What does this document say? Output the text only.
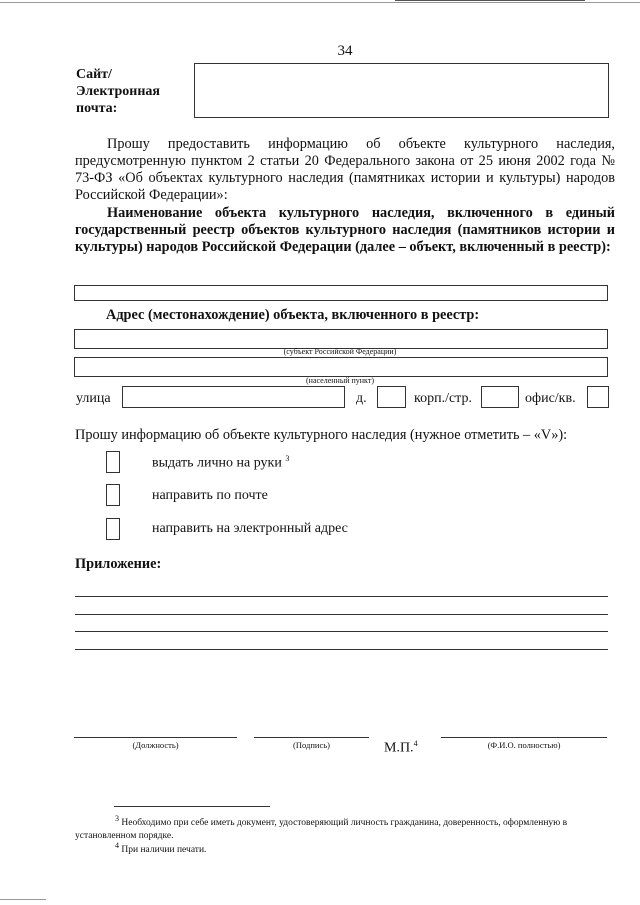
34
Сайт/ Электронная почта:
Прошу предоставить информацию об объекте культурного наследия, предусмотренную пунктом 2 статьи 20 Федерального закона от 25 июня 2002 года № 73-ФЗ «Об объектах культурного наследия (памятниках истории и культуры) народов Российской Федерации»:
Наименование объекта культурного наследия, включенного в единый государственный реестр объектов культурного наследия (памятников истории и культуры) народов Российской Федерации (далее – объект, включенный в реестр):
Адрес (местонахождение) объекта, включенного в реестр:
(субъект Российской Федерации)
(населенный пункт)
улица	д.	корп./стр.	офис/кв.
Прошу информацию об объекте культурного наследия (нужное отметить – «V»):
выдать лично на руки $^3$
направить по почте
направить на электронный адрес
Приложение:
(Должность)	(Подпись)	М.П.$^4$	(Ф.И.О. полностью)
$^3$ Необходимо при себе иметь документ, удостоверяющий личность гражданина, доверенность, оформленную в установленном порядке.
$^4$ При наличии печати.
